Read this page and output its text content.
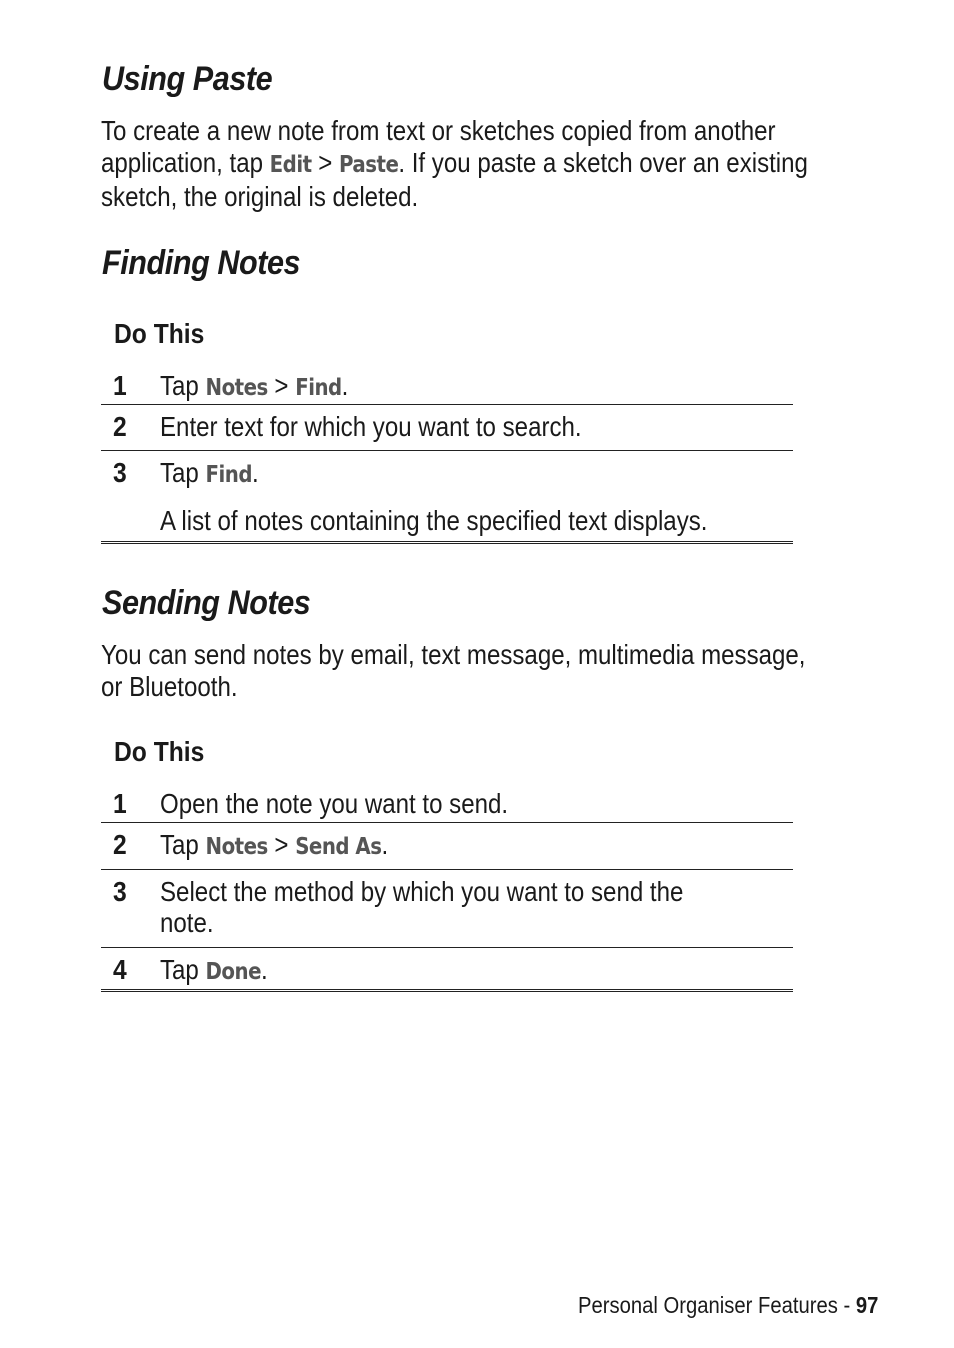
Using Paste
To create a new note from text or sketches copied from another
application, tap Edit > Paste. If you paste a sketch over an existing
sketch, the original is deleted.
Finding Notes
Do This
1 Tap Notes > Find.
2 Enter text for which you want to search.
3 Tap Find.
A list of notes containing the specified text displays.
Sending Notes
You can send notes by email, text message, multimedia message,
or Bluetooth.
Do This
1 Open the note you want to send.
2 Tap Notes > Send As.
3 Select the method by which you want to send the
note.
4 Tap Done.
Personal Organiser Features - 97
